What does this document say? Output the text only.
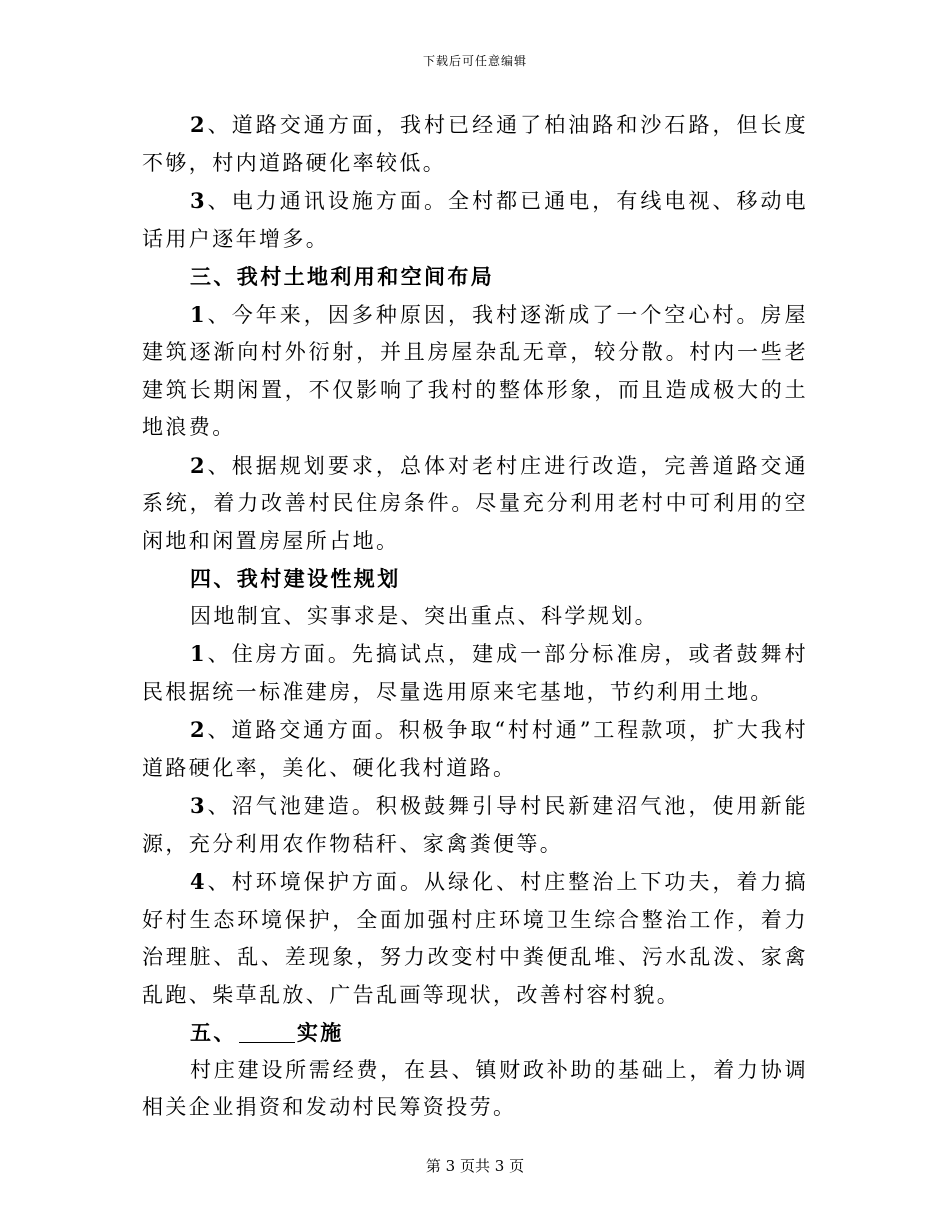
下载后可任意编辑

2、道路交通方面，我村已经通了柏油路和沙石路，但长度不够，村内道路硬化率较低。

3、电力通讯设施方面。全村都已通电，有线电视、移动电话用户逐年增多。

三、我村土地利用和空间布局

1、今年来，因多种原因，我村逐渐成了一个空心村。房屋建筑逐渐向村外衍射，并且房屋杂乱无章，较分散。村内一些老建筑长期闲置，不仅影响了我村的整体形象，而且造成极大的土地浪费。

2、根据规划要求，总体对老村庄进行改造，完善道路交通系统，着力改善村民住房条件。尽量充分利用老村中可利用的空闲地和闲置房屋所占地。

四、我村建设性规划

因地制宜、实事求是、突出重点、科学规划。

1、住房方面。先搞试点，建成一部分标准房，或者鼓舞村民根据统一标准建房，尽量选用原来宅基地，节约利用土地。

2、道路交通方面。积极争取“村村通”工程款项，扩大我村道路硬化率，美化、硬化我村道路。

3、沼气池建造。积极鼓舞引导村民新建沼气池，使用新能源，充分利用农作物秸秆、家禽粪便等。

4、村环境保护方面。从绿化、村庄整治上下功夫，着力搞好村生态环境保护，全面加强村庄环境卫生综合整治工作，着力治理脏、乱、差现象，努力改变村中粪便乱堆、污水乱泼、家禽乱跑、柴草乱放、广告乱画等现状，改善村容村貌。

五、	实施

村庄建设所需经费，在县、镇财政补助的基础上，着力协调相关企业捐资和发动村民筹资投劳。

第 3 页共 3 页
